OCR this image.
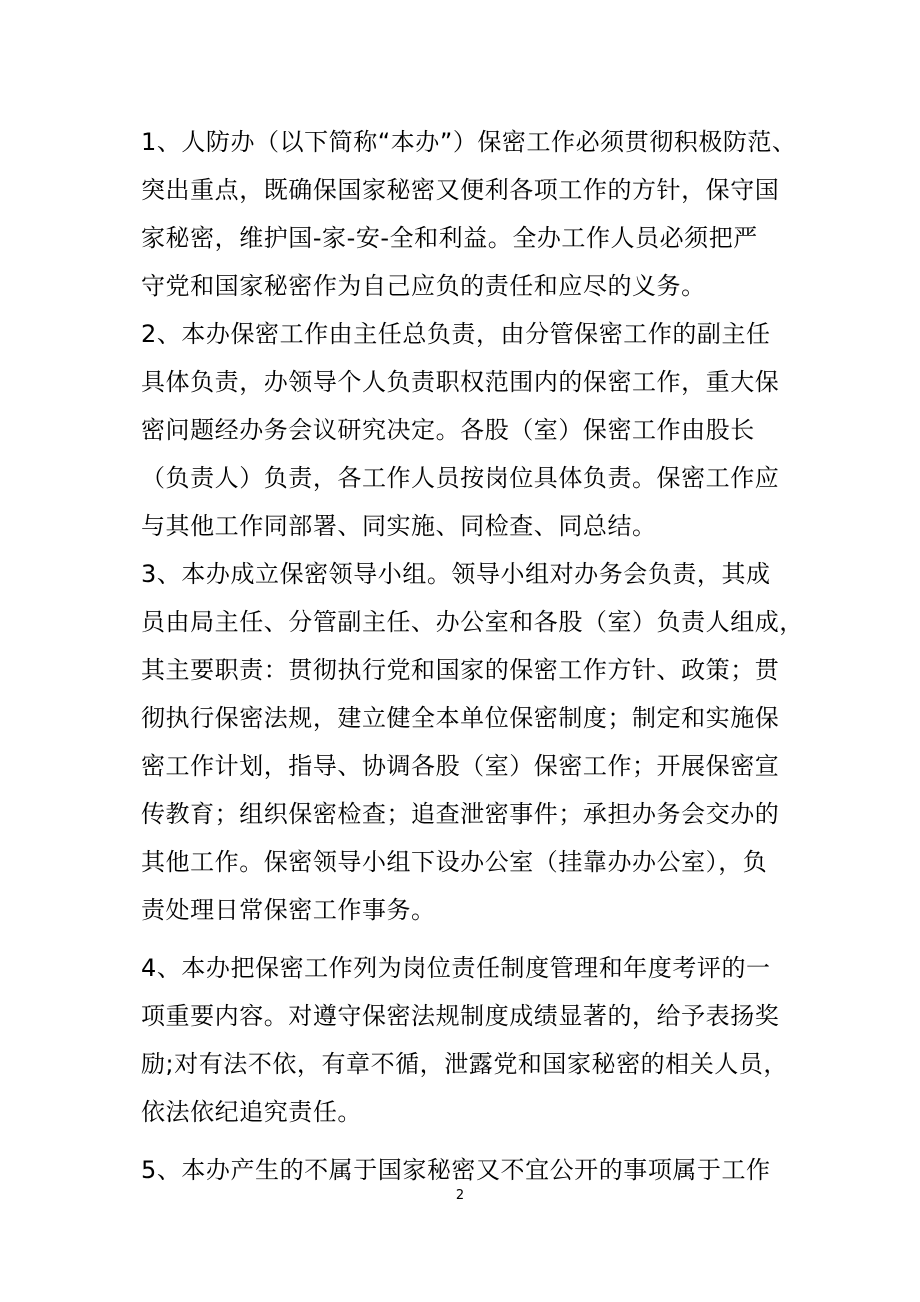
1、人防办（以下简称“本办”）保密工作必须贯彻积极防范、
突出重点，既确保国家秘密又便利各项工作的方针，保守国
家秘密，维护国-家-安-全和利益。全办工作人员必须把严
守党和国家秘密作为自己应负的责任和应尽的义务。
2、本办保密工作由主任总负责，由分管保密工作的副主任
具体负责，办领导个人负责职权范围内的保密工作，重大保
密问题经办务会议研究决定。各股（室）保密工作由股长
（负责人）负责，各工作人员按岗位具体负责。保密工作应
与其他工作同部署、同实施、同检查、同总结。
3、本办成立保密领导小组。领导小组对办务会负责，其成
员由局主任、分管副主任、办公室和各股（室）负责人组成，
其主要职责：贯彻执行党和国家的保密工作方针、政策；贯
彻执行保密法规，建立健全本单位保密制度；制定和实施保
密工作计划，指导、协调各股（室）保密工作；开展保密宣
传教育；组织保密检查；追查泄密事件；承担办务会交办的
其他工作。保密领导小组下设办公室（挂靠办办公室），负
责处理日常保密工作事务。
4、本办把保密工作列为岗位责任制度管理和年度考评的一
项重要内容。对遵守保密法规制度成绩显著的，给予表扬奖
励;对有法不依，有章不循，泄露党和国家秘密的相关人员，
依法依纪追究责任。
5、本办产生的不属于国家秘密又不宜公开的事项属于工作
2
